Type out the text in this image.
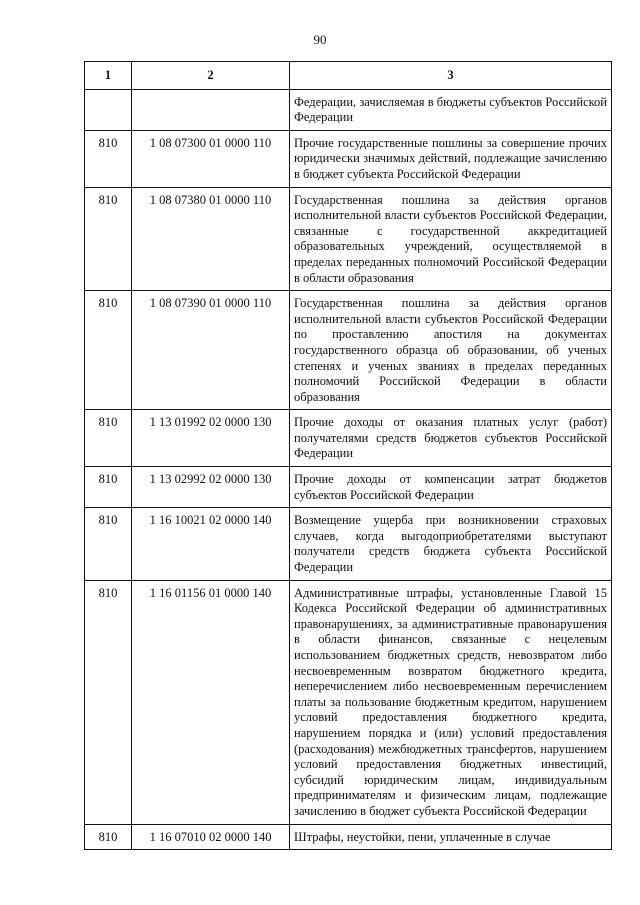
90
1	2	3
		Федерации, зачисляемая в бюджеты субъектов Российской Федерации
810	1 08 07300 01 0000 110	Прочие государственные пошлины за совершение прочих юридически значимых действий, подлежащие зачислению в бюджет субъекта Российской Федерации
810	1 08 07380 01 0000 110	Государственная пошлина за действия органов исполнительной власти субъектов Российской Федерации, связанные с государственной аккредитацией образовательных учреждений, осуществляемой в пределах переданных полномочий Российской Федерации в области образования
810	1 08 07390 01 0000 110	Государственная пошлина за действия органов исполнительной власти субъектов Российской Федерации по проставлению апостиля на документах государственного образца об образовании, об ученых степенях и ученых званиях в пределах переданных полномочий Российской Федерации в области образования
810	1 13 01992 02 0000 130	Прочие доходы от оказания платных услуг (работ) получателями средств бюджетов субъектов Российской Федерации
810	1 13 02992 02 0000 130	Прочие доходы от компенсации затрат бюджетов субъектов Российской Федерации
810	1 16 10021 02 0000 140	Возмещение ущерба при возникновении страховых случаев, когда выгодоприобретателями выступают получатели средств бюджета субъекта Российской Федерации
810	1 16 01156 01 0000 140	Административные штрафы, установленные Главой 15 Кодекса Российской Федерации об административных правонарушениях, за административные правонарушения в области финансов, связанные с нецелевым использованием бюджетных средств, невозвратом либо несвоевременным возвратом бюджетного кредита, неперечислением либо несвоевременным перечислением платы за пользование бюджетным кредитом, нарушением условий предоставления бюджетного кредита, нарушением порядка и (или) условий предоставления (расходования) межбюджетных трансфертов, нарушением условий предоставления бюджетных инвестиций, субсидий юридическим лицам, индивидуальным предпринимателям и физическим лицам, подлежащие зачислению в бюджет субъекта Российской Федерации
810	1 16 07010 02 0000 140	Штрафы, неустойки, пени, уплаченные в случае
